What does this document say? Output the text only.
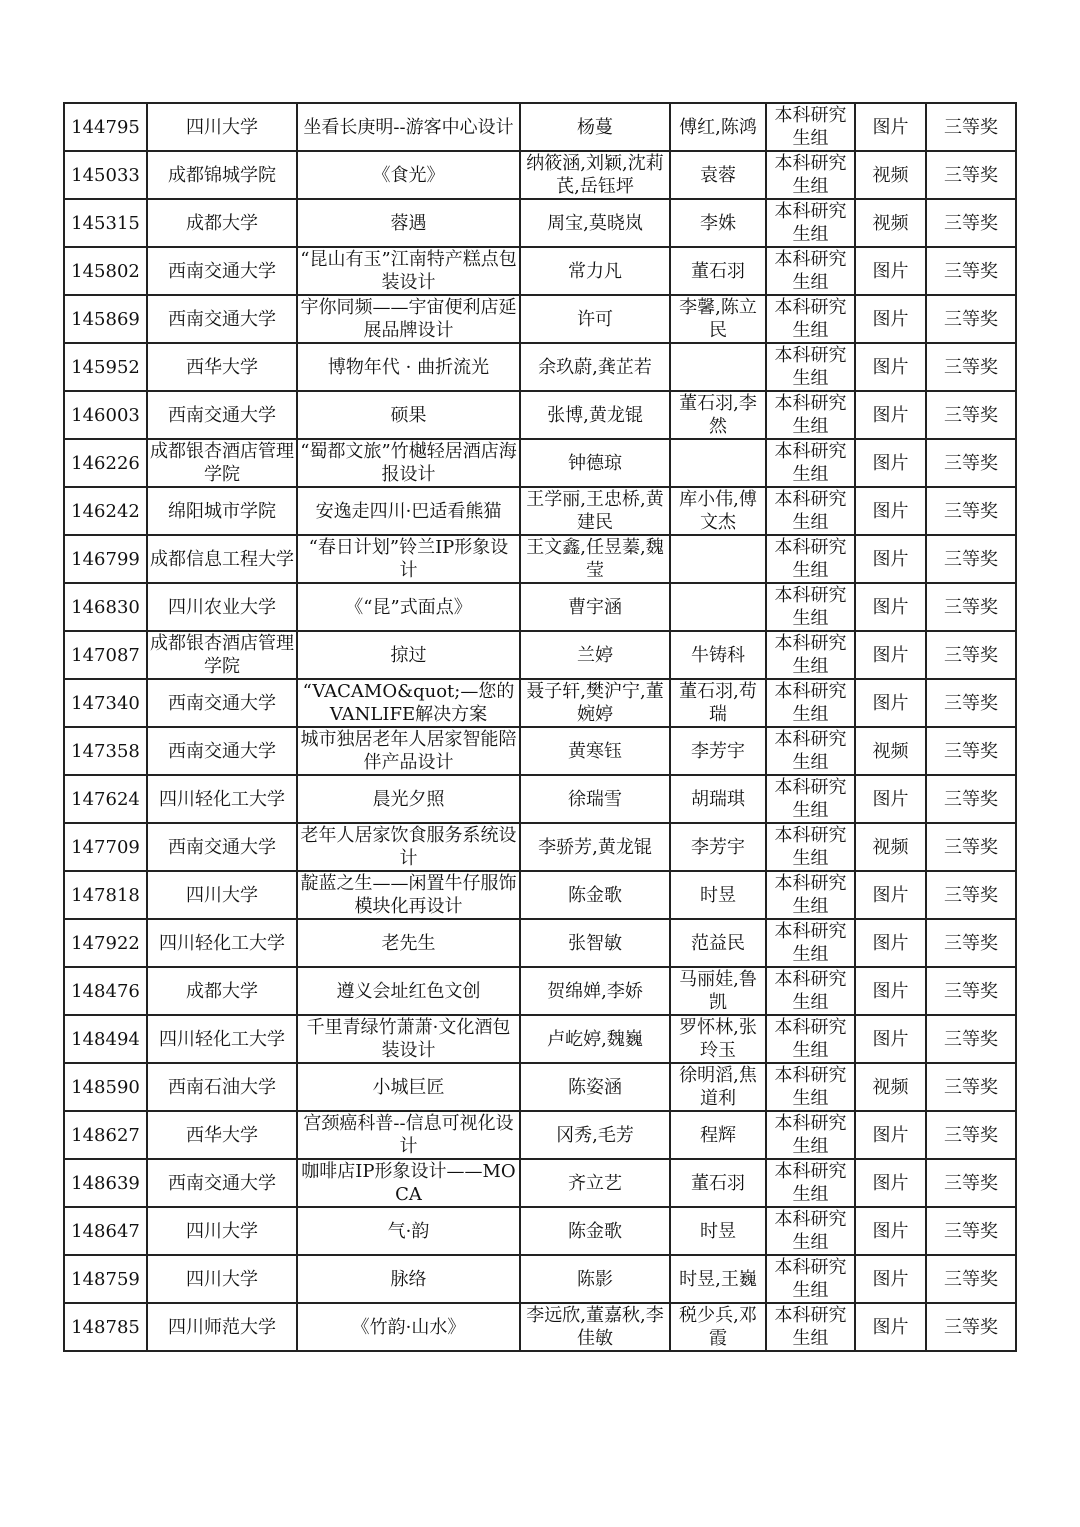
144795	四川大学	坐看长庚明--游客中心设计	杨蔓	傅红,陈鸿	本科研究生组	图片	三等奖
145033	成都锦城学院	《食光》	纳筱涵,刘颖,沈莉芪,岳钰坪	袁蓉	本科研究生组	视频	三等奖
145315	成都大学	蓉遇	周宝,莫晓岚	李姝	本科研究生组	视频	三等奖
145802	西南交通大学	“昆山有玉”江南特产糕点包装设计	常力凡	董石羽	本科研究生组	图片	三等奖
145869	西南交通大学	宇你同频——宇宙便利店延展品牌设计	许可	李馨,陈立民	本科研究生组	图片	三等奖
145952	西华大学	博物年代 · 曲折流光	余玖蔚,龚芷若		本科研究生组	图片	三等奖
146003	西南交通大学	硕果	张博,黄龙锟	董石羽,李然	本科研究生组	图片	三等奖
146226	成都银杏酒店管理学院	“蜀都文旅”竹樾轻居酒店海报设计	钟德琼		本科研究生组	图片	三等奖
146242	绵阳城市学院	安逸走四川·巴适看熊猫	王学丽,王忠桥,黄建民	库小伟,傅文杰	本科研究生组	图片	三等奖
146799	成都信息工程大学	“春日计划”铃兰IP形象设计	王文鑫,任昱蓁,魏莹		本科研究生组	图片	三等奖
146830	四川农业大学	《“昆”式面点》	曹宇涵		本科研究生组	图片	三等奖
147087	成都银杏酒店管理学院	掠过	兰婷	牛铸科	本科研究生组	图片	三等奖
147340	西南交通大学	“VACAMO&quot;—您的VANLIFE解决方案	聂子轩,樊沪宁,董婉婷	董石羽,苟瑞	本科研究生组	图片	三等奖
147358	西南交通大学	城市独居老年人居家智能陪伴产品设计	黄寒钰	李芳宇	本科研究生组	视频	三等奖
147624	四川轻化工大学	晨光夕照	徐瑞雪	胡瑞琪	本科研究生组	图片	三等奖
147709	西南交通大学	老年人居家饮食服务系统设计	李骄芳,黄龙锟	李芳宇	本科研究生组	视频	三等奖
147818	四川大学	靛蓝之生——闲置牛仔服饰模块化再设计	陈金歌	时昱	本科研究生组	图片	三等奖
147922	四川轻化工大学	老先生	张智敏	范益民	本科研究生组	图片	三等奖
148476	成都大学	遵义会址红色文创	贺绵婵,李娇	马丽娃,鲁凯	本科研究生组	图片	三等奖
148494	四川轻化工大学	千里青绿竹萧萧·文化酒包装设计	卢屹婷,魏巍	罗怀林,张玲玉	本科研究生组	图片	三等奖
148590	西南石油大学	小城巨匠	陈姿涵	徐明滔,焦道利	本科研究生组	视频	三等奖
148627	西华大学	宫颈癌科普--信息可视化设计	冈秀,毛芳	程辉	本科研究生组	图片	三等奖
148639	西南交通大学	咖啡店IP形象设计——MOCA	齐立艺	董石羽	本科研究生组	图片	三等奖
148647	四川大学	气·韵	陈金歌	时昱	本科研究生组	图片	三等奖
148759	四川大学	脉络	陈影	时昱,王巍	本科研究生组	图片	三等奖
148785	四川师范大学	《竹韵·山水》	李远欣,董嘉秋,李佳敏	税少兵,邓霞	本科研究生组	图片	三等奖
